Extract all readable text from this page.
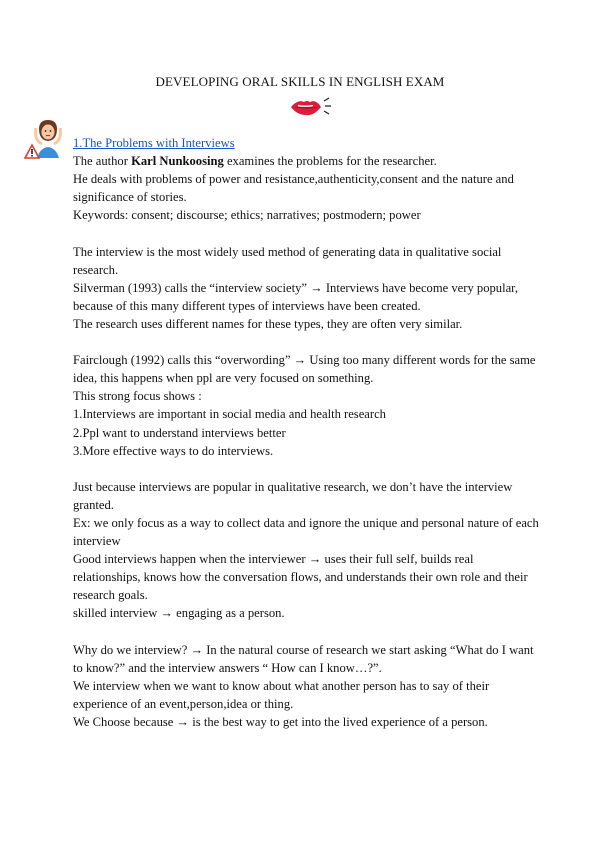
DEVELOPING ORAL SKILLS IN ENGLISH EXAM

1.The Problems with Interviews

The author Karl Nunkoosing examines the problems for the researcher.

He deals with problems of power and resistance,authenticity,consent and the nature and significance of stories.

Keywords: consent; discourse; ethics; narratives; postmodern; power

The interview is the most widely used method of generating data in qualitative social research.

Silverman (1993) calls the “interview society” → Interviews have become very popular, because of this many different types of interviews have been created.

The research uses different names for these types, they are often very similar.

Fairclough (1992) calls this “overwording” → Using too many different words for the same idea, this happens when ppl are very focused on something.

This strong focus shows :

1.Interviews are important in social media and health research

2.Ppl want to understand interviews better

3.More effective ways to do interviews.

Just because interviews are popular in qualitative research, we don’t have the interview granted.

Ex: we only focus as a way to collect data and ignore the unique and personal nature of each interview

Good interviews happen when the interviewer → uses their full self, builds real relationships, knows how the conversation flows, and understands their own role and their research goals.

skilled interview → engaging as a person.

Why do we interview? → In the natural course of research we start asking “What do I want to know?” and the interview answers “ How can I know…?”.

We interview when we want to know about what another person has to say of their experience of an event,person,idea or thing.

We Choose because → is the best way to get into the lived experience of a person.
